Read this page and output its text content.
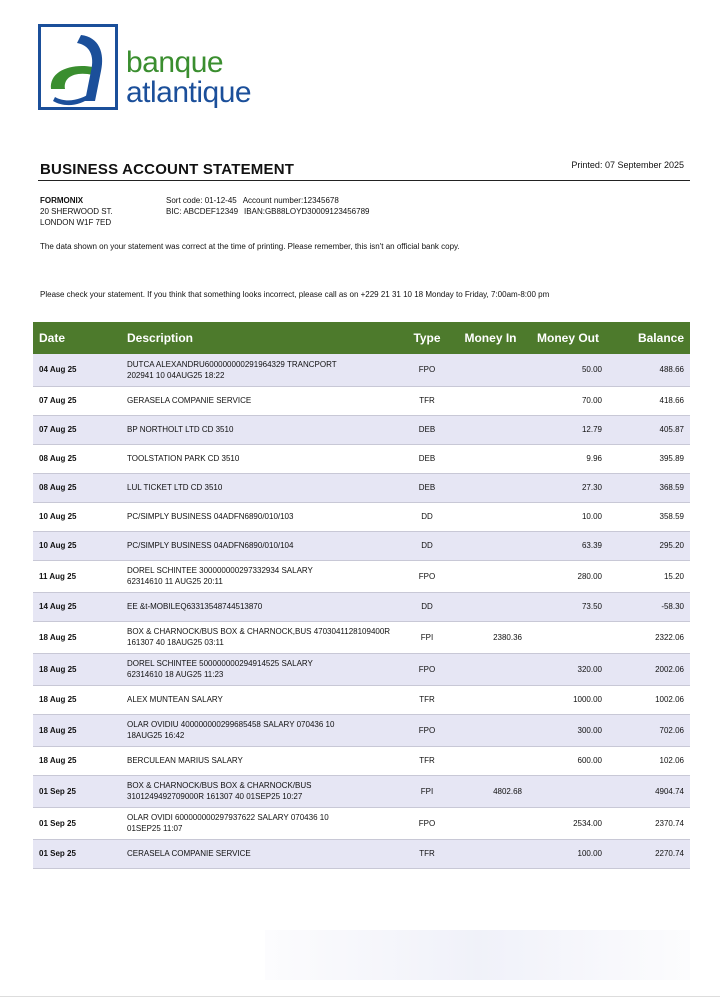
banque
atlantique
BUSINESS ACCOUNT STATEMENT	Printed: 07 September 2025
FORMONIX
20 SHERWOOD ST.
LONDON W1F 7ED
Sort code: 01-12-45 Account number:12345678
BIC: ABCDEF12349 IBAN:GB88LOYD30009123456789
The data shown on your statement was correct at the time of printing. Please remember, this isn't an official bank copy.
Please check your statement. If you think that something looks incorrect, please call as on +229 21 31 10 18 Monday to Friday, 7:00am-8:00 pm
Date	Description	Type	Money In	Money Out	Balance
04 Aug 25	DUTCA ALEXANDRU600000000291964329 TRANCPORT
202941 10 04AUG25 18:22	FPO		50.00	488.66
07 Aug 25	GERASELA COMPANIE SERVICE	TFR		70.00	418.66
07 Aug 25	BP NORTHOLT LTD CD 3510	DEB		12.79	405.87
08 Aug 25	TOOLSTATION PARK CD 3510	DEB		9.96	395.89
08 Aug 25	LUL TICKET LTD CD 3510	DEB		27.30	368.59
10 Aug 25	PC/SIMPLY BUSINESS 04ADFN6890/010/103	DD		10.00	358.59
10 Aug 25	PC/SIMPLY BUSINESS 04ADFN6890/010/104	DD		63.39	295.20
11 Aug 25	DOREL SCHINTEE 300000000297332934 SALARY
62314610 11 AUG25 20:11	FPO		280.00	15.20
14 Aug 25	EE &t-MOBILEQ63313548744513870	DD		73.50	-58.30
18 Aug 25	BOX & CHARNOCK/BUS BOX & CHARNOCK,BUS 4703041128109400R
161307 40 18AUG25 03:11	FPI	2380.36		2322.06
18 Aug 25	DOREL SCHINTEE 500000000294914525 SALARY
62314610 18 AUG25 11:23	FPO		320.00	2002.06
18 Aug 25	ALEX MUNTEAN SALARY	TFR		1000.00	1002.06
18 Aug 25	OLAR OVIDIU 400000000299685458 SALARY 070436 10
18AUG25 16:42	FPO		300.00	702.06
18 Aug 25	BERCULEAN MARIUS SALARY	TFR		600.00	102.06
01 Sep 25	BOX & CHARNOCK/BUS BOX & CHARNOCK/BUS
3101249492709000R 161307 40 01SEP25 10:27	FPI	4802.68		4904.74
01 Sep 25	OLAR OVIDI 600000000297937622 SALARY 070436 10
01SEP25 11:07	FPO		2534.00	2370.74
01 Sep 25	CERASELA COMPANIE SERVICE	TFR		100.00	2270.74
